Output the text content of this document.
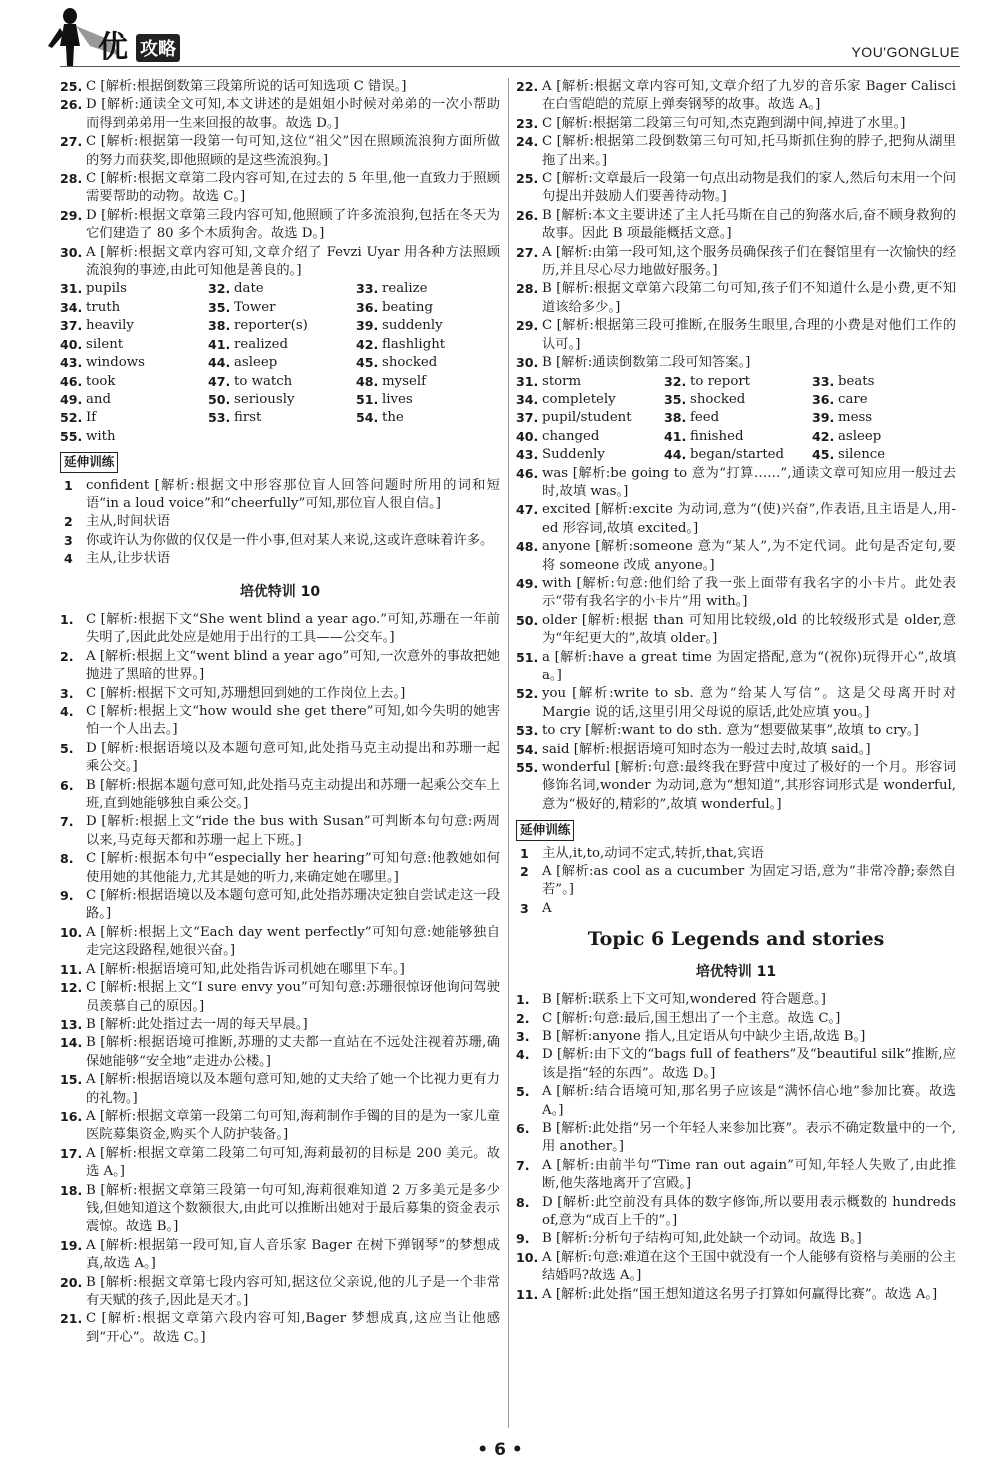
优 攻略	YOU'GONGLUE
25. C [解析:根据倒数第三段第所说的话可知选项 C 错误。]
26. D [解析:通读全文可知,本文讲述的是姐姐小时候对弟弟的一次小帮助而得到弟弟用一生来回报的故事。故选 D。]
27. C [解析:根据第一段第一句可知,这位“祖父”因在照顾流浪狗方面所做的努力而获奖,即他照顾的是这些流浪狗。]
28. C [解析:根据文章第二段内容可知,在过去的 5 年里,他一直致力于照顾需要帮助的动物。故选 C。]
29. D [解析:根据文章第三段内容可知,他照顾了许多流浪狗,包括在冬天为它们建造了 80 多个木质狗舍。故选 D。]
30. A [解析:根据文章内容可知,文章介绍了 Fevzi Uyar 用各种方法照顾流浪狗的事迹,由此可知他是善良的。]
31. pupils	32. date	33. realize
34. truth	35. Tower	36. beating
37. heavily	38. reporter(s)	39. suddenly
40. silent	41. realized	42. flashlight
43. windows	44. asleep	45. shocked
46. took	47. to watch	48. myself
49. and	50. seriously	51. lives
52. If	53. first	54. the
55. with
延伸训练
1 confident [解析:根据文中形容那位盲人回答问题时所用的词和短语“in a loud voice”和“cheerfully”可知,那位盲人很自信。]
2 主从,时间状语
3 你或许认为你做的仅仅是一件小事,但对某人来说,这或许意味着许多。
4 主从,让步状语
培优特训 10
1. C [解析:根据下文“She went blind a year ago.”可知,苏珊在一年前失明了,因此此处应是她用于出行的工具——公交车。]
2. A [解析:根据上文“went blind a year ago”可知,一次意外的事故把她抛进了黑暗的世界。]
3. C [解析:根据下文可知,苏珊想回到她的工作岗位上去。]
4. C [解析:根据上文“how would she get there”可知,如今失明的她害怕一个人出去。]
5. D [解析:根据语境以及本题句意可知,此处指马克主动提出和苏珊一起乘公交。]
6. B [解析:根据本题句意可知,此处指马克主动提出和苏珊一起乘公交车上班,直到她能够独自乘公交。]
7. D [解析:根据上文“ride the bus with Susan”可判断本句句意:两周以来,马克每天都和苏珊一起上下班。]
8. C [解析:根据本句中“especially her hearing”可知句意:他教她如何使用她的其他能力,尤其是她的听力,来确定她在哪里。]
9. C [解析:根据语境以及本题句意可知,此处指苏珊决定独自尝试走这一段路。]
10. A [解析:根据上文“Each day went perfectly”可知句意:她能够独自走完这段路程,她很兴奋。]
11. A [解析:根据语境可知,此处指告诉司机她在哪里下车。]
12. C [解析:根据上文“I sure envy you”可知句意:苏珊很惊讶他询问驾驶员羡慕自己的原因。]
13. B [解析:此处指过去一周的每天早晨。]
14. B [解析:根据语境可推断,苏珊的丈夫都一直站在不远处注视着苏珊,确保她能够“安全地”走进办公楼。]
15. A [解析:根据语境以及本题句意可知,她的丈夫给了她一个比视力更有力的礼物。]
16. A [解析:根据文章第一段第二句可知,海莉制作手镯的目的是为一家儿童医院募集资金,购买个人防护装备。]
17. A [解析:根据文章第二段第二句可知,海莉最初的目标是 200 美元。故选 A。]
18. B [解析:根据文章第三段第一句可知,海莉很难知道 2 万多美元是多少钱,但她知道这个数额很大,由此可以推断出她对于最后募集的资金表示震惊。故选 B。]
19. A [解析:根据第一段可知,盲人音乐家 Bager 在树下弹钢琴”的梦想成真,故选 A。]
20. B [解析:根据文章第七段内容可知,据这位父亲说,他的儿子是一个非常有天赋的孩子,因此是天才。]
21. C [解析:根据文章第六段内容可知,Bager 梦想成真,这应当让他感到“开心”。故选 C。]
22. A [解析:根据文章内容可知,文章介绍了九岁的音乐家 Bager Calisci 在白雪皑皑的荒原上弹奏钢琴的故事。故选 A。]
23. C [解析:根据第二段第三句可知,杰克跑到湖中间,掉进了水里。]
24. C [解析:根据第二段倒数第三句可知,托马斯抓住狗的脖子,把狗从湖里拖了出来。]
25. C [解析:文章最后一段第一句点出动物是我们的家人,然后句末用一个问句提出并鼓励人们要善待动物。]
26. B [解析:本文主要讲述了主人托马斯在自己的狗落水后,奋不顾身救狗的故事。因此 B 项最能概括文意。]
27. A [解析:由第一段可知,这个服务员确保孩子们在餐馆里有一次愉快的经历,并且尽心尽力地做好服务。]
28. B [解析:根据文章第六段第二句可知,孩子们不知道什么是小费,更不知道该给多少。]
29. C [解析:根据第三段可推断,在服务生眼里,合理的小费是对他们工作的认可。]
30. B [解析:通读倒数第二段可知答案。]
31. storm	32. to report	33. beats
34. completely	35. shocked	36. care
37. pupil/student	38. feed	39. mess
40. changed	41. finished	42. asleep
43. Suddenly	44. began/started 45. silence
46. was [解析:be going to 意为“打算……”,通读文章可知应用一般过去时,故填 was。]
47. excited [解析:excite 为动词,意为“(使)兴奋”,作表语,且主语是人,用-ed 形容词,故填 excited。]
48. anyone [解析:someone 意为“某人”,为不定代词。此句是否定句,要将 someone 改成 anyone。]
49. with [解析:句意:他们给了我一张上面带有我名字的小卡片。此处表示“带有我名字的小卡片”用 with。]
50. older [解析:根据 than 可知用比较级,old 的比较级形式是 older,意为“年纪更大的”,故填 older。]
51. a [解析:have a great time 为固定搭配,意为“(祝你)玩得开心”,故填 a。]
52. you [解析:write to sb. 意为“给某人写信”。这是父母离开时对 Margie 说的话,这里引用父母说的原话,此处应填 you。]
53. to cry [解析:want to do sth. 意为“想要做某事”,故填 to cry。]
54. said [解析:根据语境可知时态为一般过去时,故填 said。]
55. wonderful [解析:句意:最终我在野营中度过了极好的一个月。形容词修饰名词,wonder 为动词,意为“想知道”,其形容词形式是 wonderful,意为“极好的,精彩的”,故填 wonderful。]
延伸训练
1 主从,it,to,动词不定式,转折,that,宾语
2 A [解析:as cool as a cucumber 为固定习语,意为“非常冷静;泰然自若”。]
3 A
Topic 6 Legends and stories
培优特训 11
1. B [解析:联系上下文可知,wondered 符合题意。]
2. C [解析:句意:最后,国王想出了一个主意。故选 C。]
3. B [解析:anyone 指人,且定语从句中缺少主语,故选 B。]
4. D [解析:由下文的“bags full of feathers”及“beautiful silk”推断,应该是指“轻的东西”。故选 D。]
5. A [解析:结合语境可知,那名男子应该是“满怀信心地”参加比赛。故选 A。]
6. B [解析:此处指“另一个年轻人来参加比赛”。表示不确定数量中的一个,用 another。]
7. A [解析:由前半句“Time ran out again”可知,年轻人失败了,由此推断,他失落地离开了宫殿。]
8. D [解析:此空前没有具体的数字修饰,所以要用表示概数的 hundreds of,意为“成百上千的”。]
9. B [解析:分析句子结构可知,此处缺一个动词。故选 B。]
10. A [解析:句意:难道在这个王国中就没有一个人能够有资格与美丽的公主结婚吗?故选 A。]
11. A [解析:此处指“国王想知道这名男子打算如何赢得比赛”。故选 A。]
• 6 •
